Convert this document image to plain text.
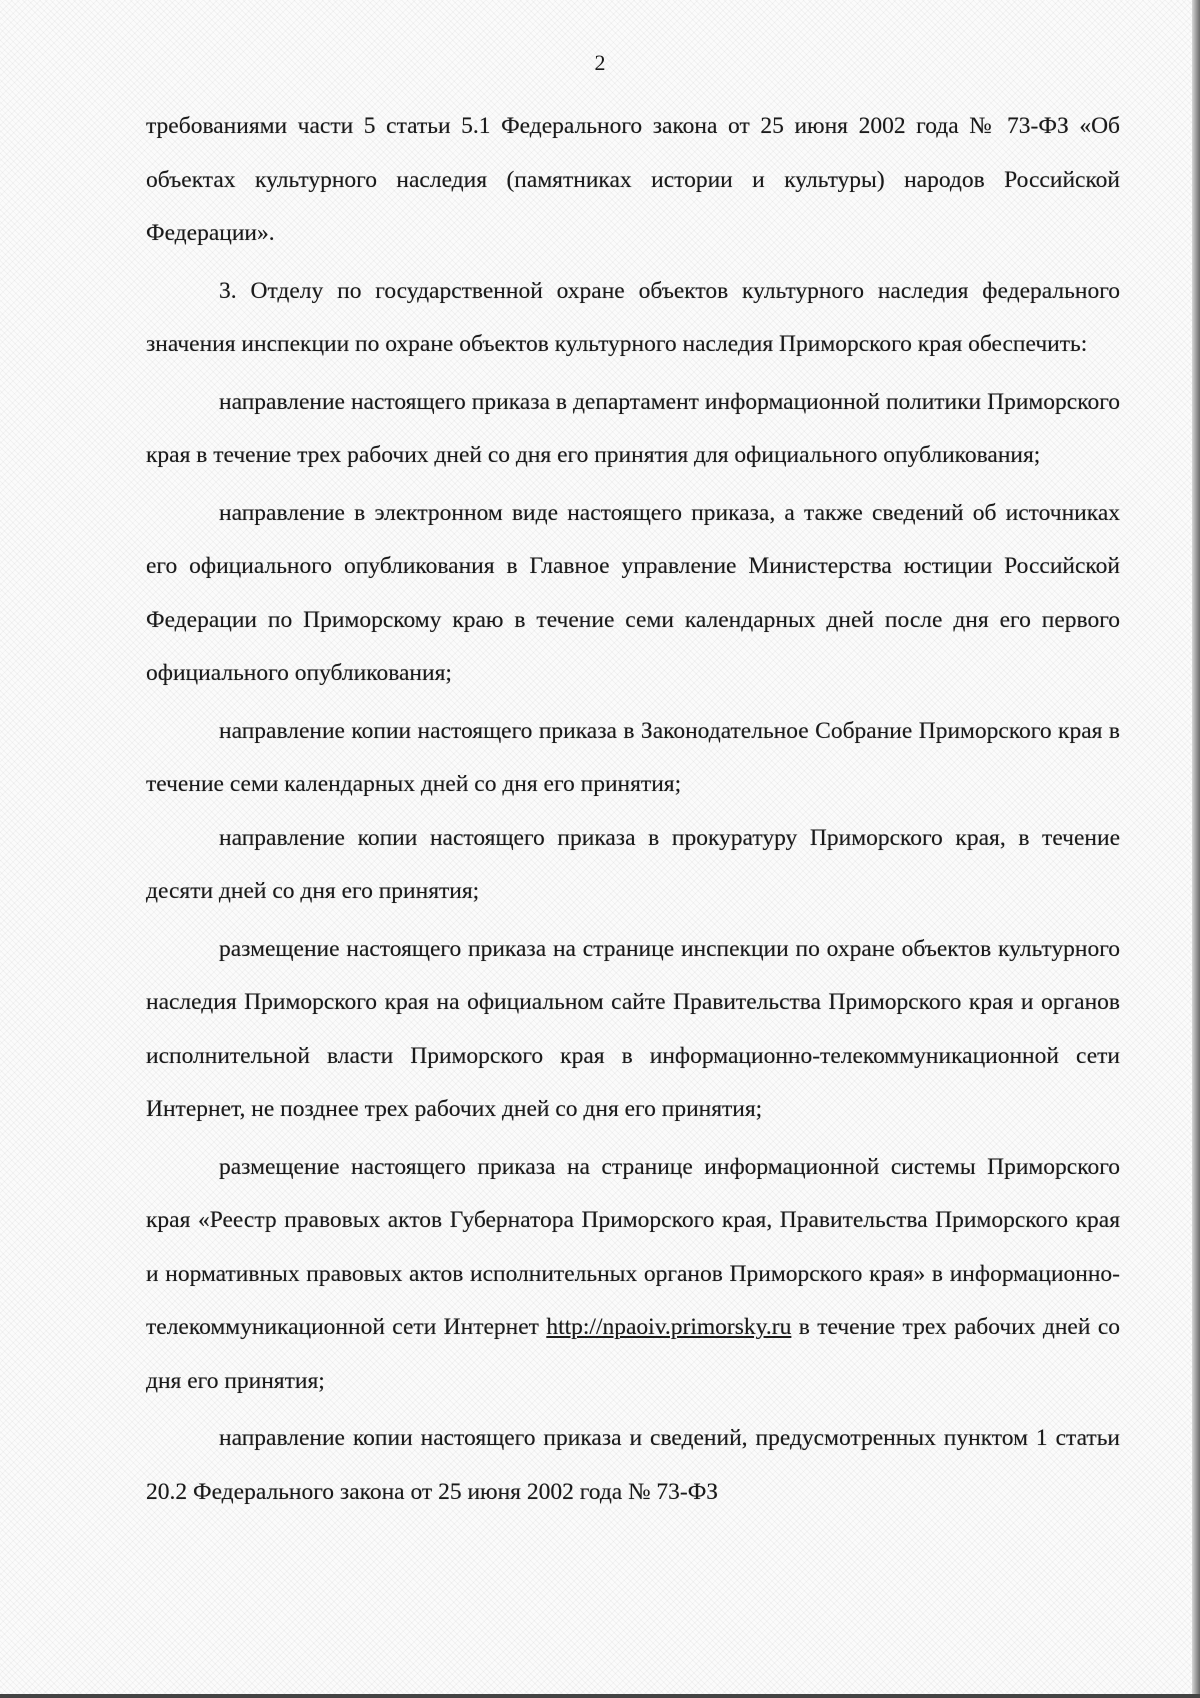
2

требованиями части 5 статьи 5.1 Федерального закона от 25 июня 2002 года № 73-ФЗ «Об объектах культурного наследия (памятниках истории и культуры) народов Российской Федерации».

3. Отделу по государственной охране объектов культурного наследия федерального значения инспекции по охране объектов культурного наследия Приморского края обеспечить:

направление настоящего приказа в департамент информационной политики Приморского края в течение трех рабочих дней со дня его принятия для официального опубликования;

направление в электронном виде настоящего приказа, а также сведений об источниках его официального опубликования в Главное управление Министерства юстиции Российской Федерации по Приморскому краю в течение семи календарных дней после дня его первого официального опубликования;

направление копии настоящего приказа в Законодательное Собрание Приморского края в течение семи календарных дней со дня его принятия;

направление копии настоящего приказа в прокуратуру Приморского края, в течение десяти дней со дня его принятия;

размещение настоящего приказа на странице инспекции по охране объектов культурного наследия Приморского края на официальном сайте Правительства Приморского края и органов исполнительной власти Приморского края в информационно-телекоммуникационной сети Интернет, не позднее трех рабочих дней со дня его принятия;

размещение настоящего приказа на странице информационной системы Приморского края «Реестр правовых актов Губернатора Приморского края, Правительства Приморского края и нормативных правовых актов исполнительных органов Приморского края» в информационно-телекоммуникационной сети Интернет http://npaoiv.primorsky.ru в течение трех рабочих дней со дня его принятия;

направление копии настоящего приказа и сведений, предусмотренных пунктом 1 статьи 20.2 Федерального закона от 25 июня 2002 года № 73-ФЗ
